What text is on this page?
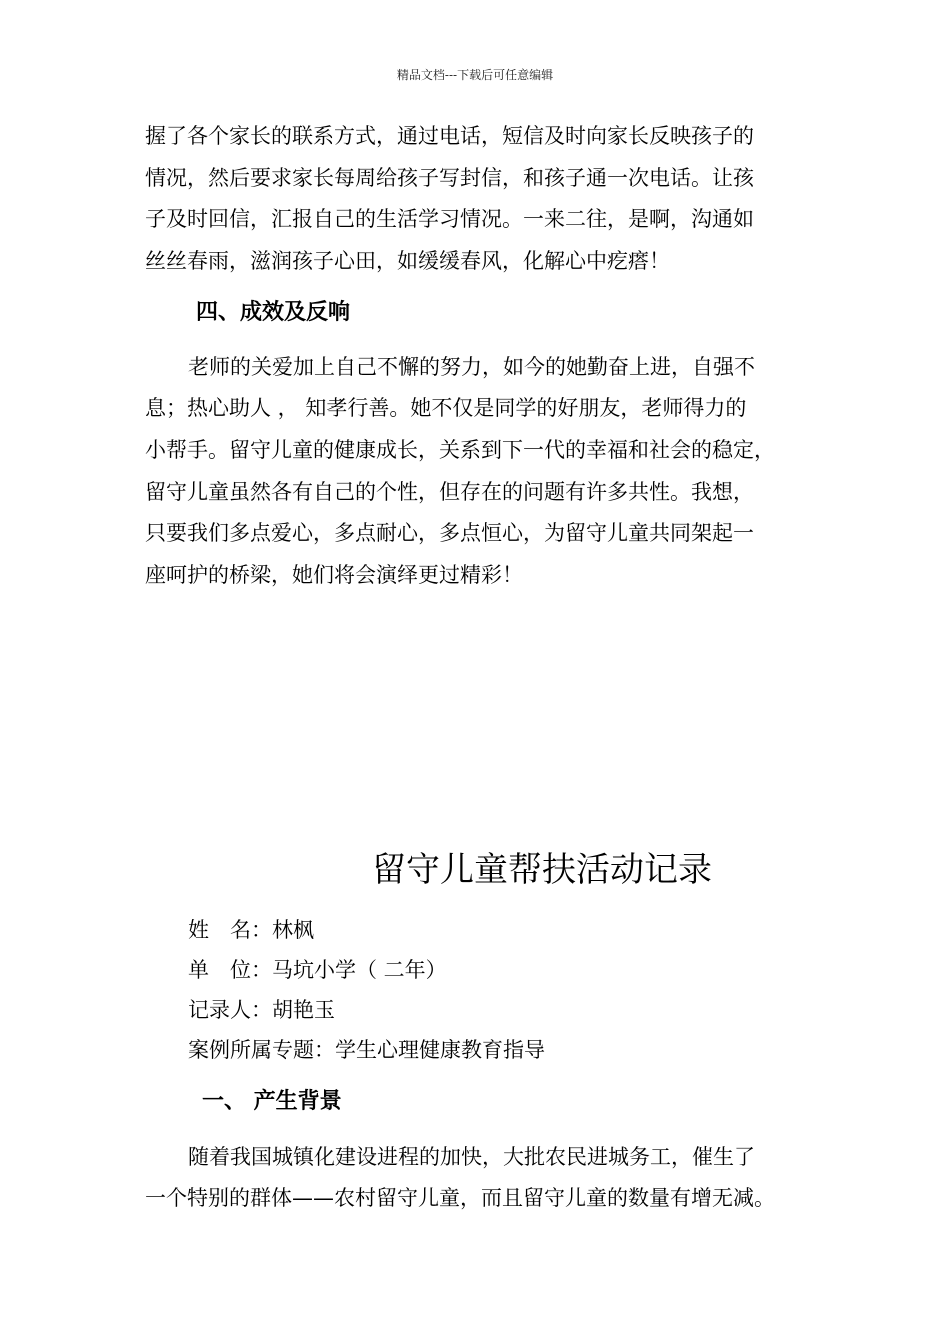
精品文档---下载后可任意编辑
握了各个家长的联系方式，通过电话，短信及时向家长反映孩子的
情况，然后要求家长每周给孩子写封信，和孩子通一次电话。让孩
子及时回信，汇报自己的生活学习情况。一来二往，是啊，沟通如
丝丝春雨，滋润孩子心田，如缓缓春风，化解心中疙瘩！
四、成效及反响
老师的关爱加上自己不懈的努力，如今的她勤奋上进，自强不
息；热心助人 ， 知孝行善。她不仅是同学的好朋友，老师得力的
小帮手。留守儿童的健康成长，关系到下一代的幸福和社会的稳定，
留守儿童虽然各有自己的个性，但存在的问题有许多共性。我想，
只要我们多点爱心，多点耐心，多点恒心，为留守儿童共同架起一
座呵护的桥梁，她们将会演绎更过精彩！
留守儿童帮扶活动记录
姓　名：林枫
单　位：马坑小学（ 二年）
记录人：胡艳玉
案例所属专题：学生心理健康教育指导
一、 产生背景
随着我国城镇化建设进程的加快，大批农民进城务工，催生了
一个特别的群体——农村留守儿童，而且留守儿童的数量有增无减。
